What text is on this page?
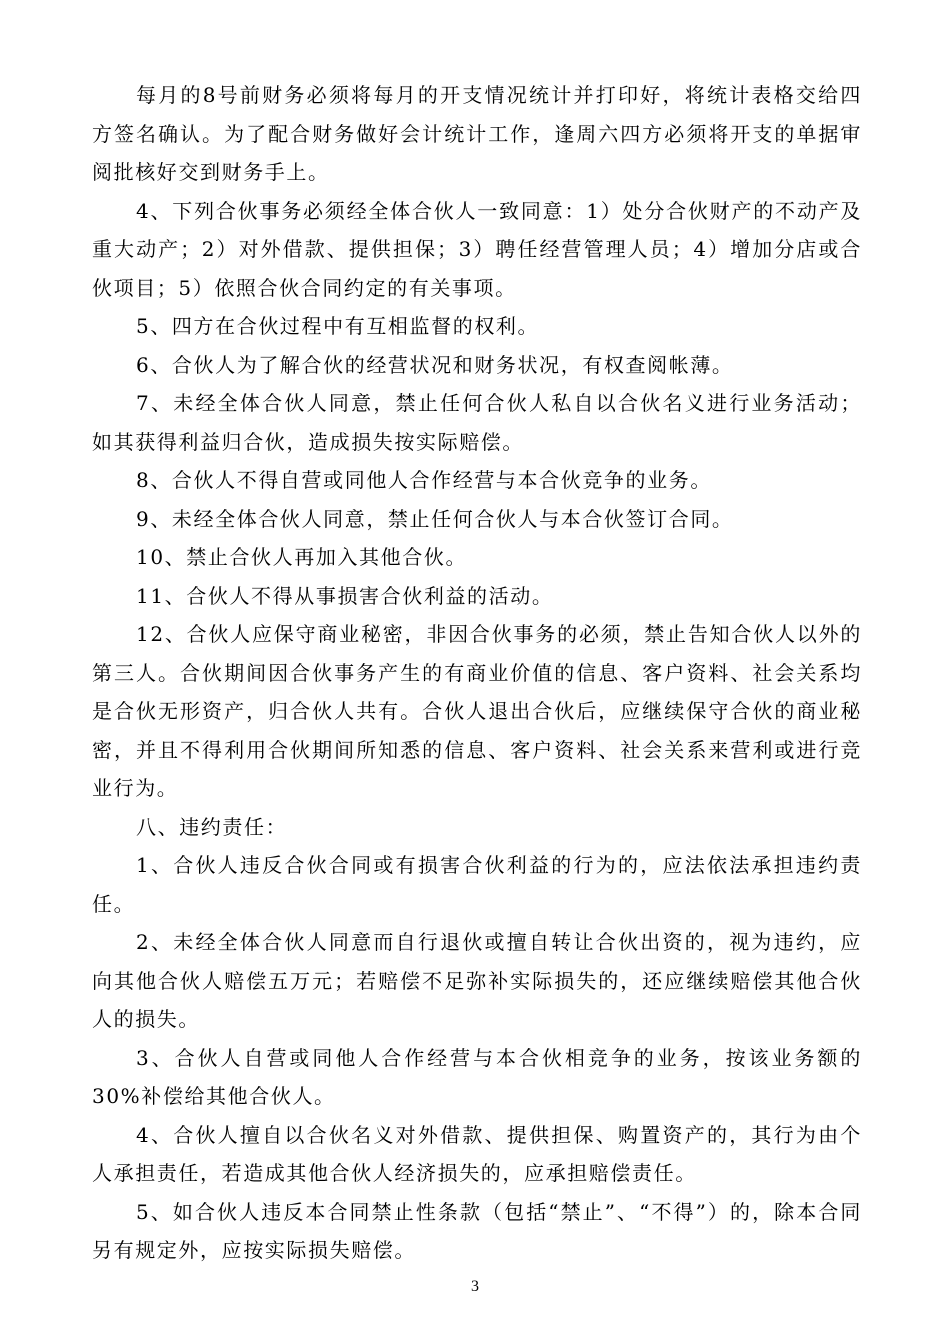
每月的8号前财务必须将每月的开支情况统计并打印好，将统计表格交给四方签名确认。为了配合财务做好会计统计工作，逢周六四方必须将开支的单据审阅批核好交到财务手上。

4、下列合伙事务必须经全体合伙人一致同意：1）处分合伙财产的不动产及重大动产；2）对外借款、提供担保；3）聘任经营管理人员；4）增加分店或合伙项目；5）依照合伙合同约定的有关事项。

5、四方在合伙过程中有互相监督的权利。

6、合伙人为了解合伙的经营状况和财务状况，有权查阅帐薄。

7、未经全体合伙人同意，禁止任何合伙人私自以合伙名义进行业务活动；如其获得利益归合伙，造成损失按实际赔偿。

8、合伙人不得自营或同他人合作经营与本合伙竞争的业务。

9、未经全体合伙人同意，禁止任何合伙人与本合伙签订合同。

10、禁止合伙人再加入其他合伙。

11、合伙人不得从事损害合伙利益的活动。

12、合伙人应保守商业秘密，非因合伙事务的必须，禁止告知合伙人以外的第三人。合伙期间因合伙事务产生的有商业价值的信息、客户资料、社会关系均是合伙无形资产，归合伙人共有。合伙人退出合伙后，应继续保守合伙的商业秘密，并且不得利用合伙期间所知悉的信息、客户资料、社会关系来营利或进行竞业行为。

八、违约责任：

1、合伙人违反合伙合同或有损害合伙利益的行为的，应法依法承担违约责任。

2、未经全体合伙人同意而自行退伙或擅自转让合伙出资的，视为违约，应向其他合伙人赔偿五万元；若赔偿不足弥补实际损失的，还应继续赔偿其他合伙人的损失。

3、合伙人自营或同他人合作经营与本合伙相竞争的业务，按该业务额的30%补偿给其他合伙人。

4、合伙人擅自以合伙名义对外借款、提供担保、购置资产的，其行为由个人承担责任，若造成其他合伙人经济损失的，应承担赔偿责任。

5、如合伙人违反本合同禁止性条款（包括“禁止”、“不得”）的，除本合同另有规定外，应按实际损失赔偿。

3
